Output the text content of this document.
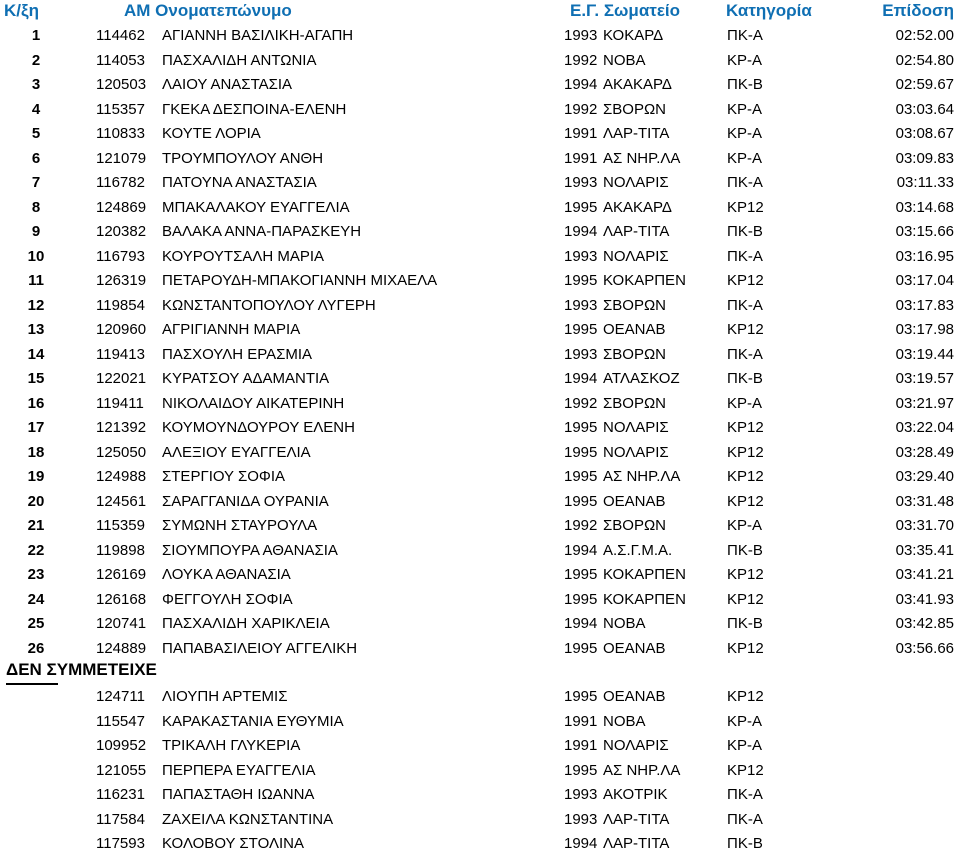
Κ/ξη	ΑΜ Ονοματεπώνυμο	Ε.Γ. Σωματείο	Κατηγορία	Επίδοση
1	114462 ΑΓΙΑΝΝΗ ΒΑΣΙΛΙΚΗ-ΑΓΑΠΗ	1993 ΚΟΚΑΡΔ	ΠΚ-Α	02:52.00
2	114053 ΠΑΣΧΑΛΙΔΗ ΑΝΤΩΝΙΑ	1992 ΝΟΒΑ	ΚΡ-Α	02:54.80
3	120503 ΛΑΙΟΥ ΑΝΑΣΤΑΣΙΑ	1994 ΑΚΑΚΑΡΔ	ΠΚ-Β	02:59.67
4	115357 ΓΚΕΚΑ ΔΕΣΠΟΙΝΑ-ΕΛΕΝΗ	1992 ΣΒΟΡΩΝ	ΚΡ-Α	03:03.64
5	110833 ΚΟΥΤΕ ΛΟΡΙΑ	1991 ΛΑΡ-ΤΙΤΑ	ΚΡ-Α	03:08.67
6	121079 ΤΡΟΥΜΠΟΥΛΟΥ ΑΝΘΗ	1991 ΑΣ ΝΗΡ.ΛΑ	ΚΡ-Α	03:09.83
7	116782 ΠΑΤΟΥΝΑ ΑΝΑΣΤΑΣΙΑ	1993 ΝΟΛΑΡΙΣ	ΠΚ-Α	03:11.33
8	124869 ΜΠΑΚΑΛΑΚΟΥ ΕΥΑΓΓΕΛΙΑ	1995 ΑΚΑΚΑΡΔ	ΚΡ12	03:14.68
9	120382 ΒΑΛΑΚΑ ΑΝΝΑ-ΠΑΡΑΣΚΕΥΗ	1994 ΛΑΡ-ΤΙΤΑ	ΠΚ-Β	03:15.66
10	116793 ΚΟΥΡΟΥΤΣΑΛΗ ΜΑΡΙΑ	1993 ΝΟΛΑΡΙΣ	ΠΚ-Α	03:16.95
11	126319 ΠΕΤΑΡΟΥΔΗ-ΜΠΑΚΟΓΙΑΝΝΗ ΜΙΧΑΕΛΑ	1995 ΚΟΚΑΡΠΕΝ	ΚΡ12	03:17.04
12	119854 ΚΩΝΣΤΑΝΤΟΠΟΥΛΟΥ ΛΥΓΕΡΗ	1993 ΣΒΟΡΩΝ	ΠΚ-Α	03:17.83
13	120960 ΑΓΡΙΓΙΑΝΝΗ ΜΑΡΙΑ	1995 ΟΕΑΝΑΒ	ΚΡ12	03:17.98
14	119413 ΠΑΣΧΟΥΛΗ ΕΡΑΣΜΙΑ	1993 ΣΒΟΡΩΝ	ΠΚ-Α	03:19.44
15	122021 ΚΥΡΑΤΣΟΥ ΑΔΑΜΑΝΤΙΑ	1994 ΑΤΛΑΣΚΟΖ	ΠΚ-Β	03:19.57
16	119411 ΝΙΚΟΛΑΙΔΟΥ ΑΙΚΑΤΕΡΙΝΗ	1992 ΣΒΟΡΩΝ	ΚΡ-Α	03:21.97
17	121392 ΚΟΥΜΟΥΝΔΟΥΡΟΥ ΕΛΕΝΗ	1995 ΝΟΛΑΡΙΣ	ΚΡ12	03:22.04
18	125050 ΑΛΕΞΙΟΥ ΕΥΑΓΓΕΛΙΑ	1995 ΝΟΛΑΡΙΣ	ΚΡ12	03:28.49
19	124988 ΣΤΕΡΓΙΟΥ ΣΟΦΙΑ	1995 ΑΣ ΝΗΡ.ΛΑ	ΚΡ12	03:29.40
20	124561 ΣΑΡΑΓΓΑΝΙΔΑ ΟΥΡΑΝΙΑ	1995 ΟΕΑΝΑΒ	ΚΡ12	03:31.48
21	115359 ΣΥΜΩΝΗ ΣΤΑΥΡΟΥΛΑ	1992 ΣΒΟΡΩΝ	ΚΡ-Α	03:31.70
22	119898 ΣΙΟΥΜΠΟΥΡΑ ΑΘΑΝΑΣΙΑ	1994 Α.Σ.Γ.Μ.Α.	ΠΚ-Β	03:35.41
23	126169 ΛΟΥΚΑ ΑΘΑΝΑΣΙΑ	1995 ΚΟΚΑΡΠΕΝ	ΚΡ12	03:41.21
24	126168 ΦΕΓΓΟΥΛΗ ΣΟΦΙΑ	1995 ΚΟΚΑΡΠΕΝ	ΚΡ12	03:41.93
25	120741 ΠΑΣΧΑΛΙΔΗ ΧΑΡΙΚΛΕΙΑ	1994 ΝΟΒΑ	ΠΚ-Β	03:42.85
26	124889 ΠΑΠΑΒΑΣΙΛΕΙΟΥ ΑΓΓΕΛΙΚΗ	1995 ΟΕΑΝΑΒ	ΚΡ12	03:56.66
ΔΕΝ ΣΥΜΜΕΤΕΙΧΕ
124711 ΛΙΟΥΠΗ ΑΡΤΕΜΙΣ	1995 ΟΕΑΝΑΒ	ΚΡ12
115547 ΚΑΡΑΚΑΣΤΑΝΙΑ ΕΥΘΥΜΙΑ	1991 ΝΟΒΑ	ΚΡ-Α
109952 ΤΡΙΚΑΛΗ ΓΛΥΚΕΡΙΑ	1991 ΝΟΛΑΡΙΣ	ΚΡ-Α
121055 ΠΕΡΠΕΡΑ ΕΥΑΓΓΕΛΙΑ	1995 ΑΣ ΝΗΡ.ΛΑ	ΚΡ12
116231 ΠΑΠΑΣΤΑΘΗ ΙΩΑΝΝΑ	1993 ΑΚΟΤΡΙΚ	ΠΚ-Α
117584 ΖΑΧΕΙΛΑ ΚΩΝΣΤΑΝΤΙΝΑ	1993 ΛΑΡ-ΤΙΤΑ	ΠΚ-Α
117593 ΚΟΛΟΒΟΥ ΣΤΟΛΙΝΑ	1994 ΛΑΡ-ΤΙΤΑ	ΠΚ-Β
